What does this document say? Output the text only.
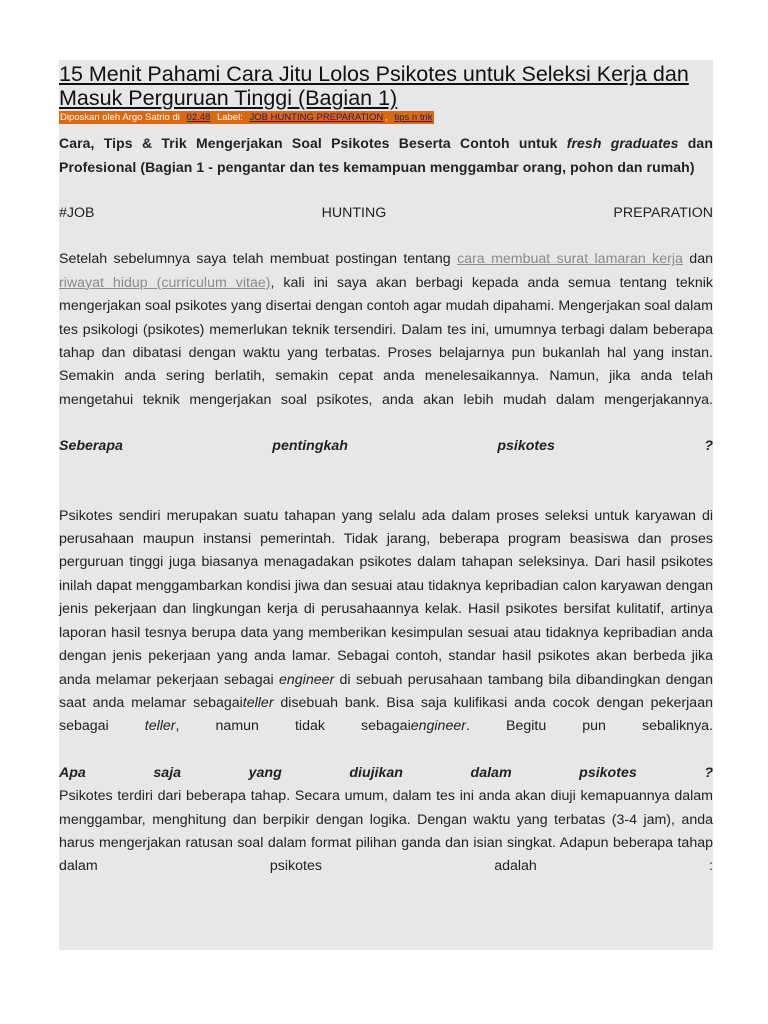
15 Menit Pahami Cara Jitu Lolos Psikotes untuk Seleksi Kerja dan Masuk Perguruan Tinggi (Bagian 1)
Diposkan oleh Argo Satrio di
02.48
Label:
JOB HUNTING PREPARATION ,
tips n trik

Cara, Tips & Trik Mengerjakan Soal Psikotes Beserta Contoh untuk fresh graduates dan Profesional (Bagian 1 - pengantar dan tes kemampuan menggambar orang, pohon dan rumah)

#JOB HUNTING PREPARATION

Setelah sebelumnya saya telah membuat postingan tentang cara membuat surat lamaran kerja dan riwayat hidup (curriculum vitae), kali ini saya akan berbagi kepada anda semua tentang teknik mengerjakan soal psikotes yang disertai dengan contoh agar mudah dipahami. Mengerjakan soal dalam tes psikologi (psikotes) memerlukan teknik tersendiri. Dalam tes ini, umumnya terbagi dalam beberapa tahap dan dibatasi dengan waktu yang terbatas. Proses belajarnya pun bukanlah hal yang instan. Semakin anda sering berlatih, semakin cepat anda menelesaikannya. Namun, jika anda telah mengetahui teknik mengerjakan soal psikotes, anda akan lebih mudah dalam mengerjakannya.

Seberapa pentingkah psikotes ?

Psikotes sendiri merupakan suatu tahapan yang selalu ada dalam proses seleksi untuk karyawan di perusahaan maupun instansi pemerintah. Tidak jarang, beberapa program beasiswa dan proses perguruan tinggi juga biasanya menagadakan psikotes dalam tahapan seleksinya. Dari hasil psikotes inilah dapat menggambarkan kondisi jiwa dan sesuai atau tidaknya kepribadian calon karyawan dengan jenis pekerjaan dan lingkungan kerja di perusahaannya kelak. Hasil psikotes bersifat kulitatif, artinya laporan hasil tesnya berupa data yang memberikan kesimpulan sesuai atau tidaknya kepribadian anda dengan jenis pekerjaan yang anda lamar. Sebagai contoh, standar hasil psikotes akan berbeda jika anda melamar pekerjaan sebagai engineer di sebuah perusahaan tambang bila dibandingkan dengan saat anda melamar sebagaiteller disebuah bank. Bisa saja kulifikasi anda cocok dengan pekerjaan sebagai teller, namun tidak sebagaiengineer. Begitu pun sebaliknya.

Apa saja yang diujikan dalam psikotes ?

Psikotes terdiri dari beberapa tahap. Secara umum, dalam tes ini anda akan diuji kemapuannya dalam menggambar, menghitung dan berpikir dengan logika. Dengan waktu yang terbatas (3-4 jam), anda harus mengerjakan ratusan soal dalam format pilihan ganda dan isian singkat. Adapun beberapa tahap dalam psikotes adalah :
